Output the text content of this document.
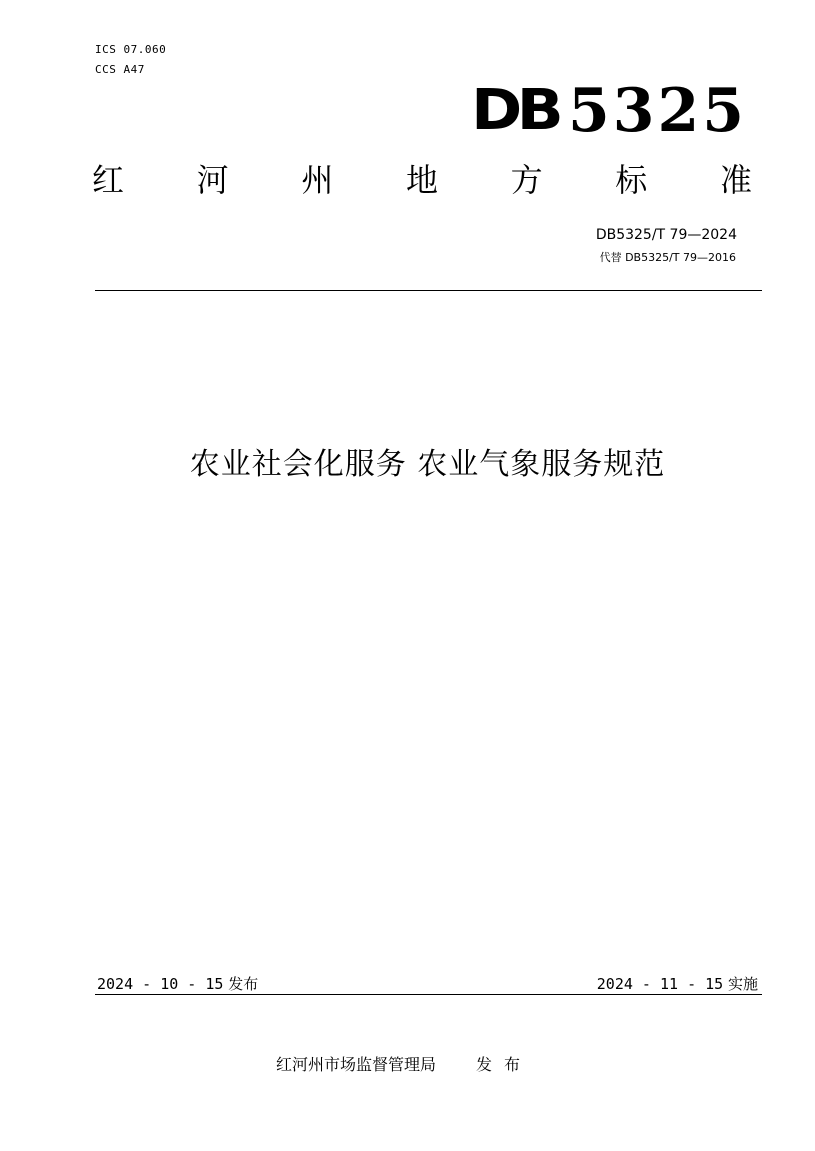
ICS 07.060
CCS A47
DB 5325
红 河 州 地 方 标 准
DB5325/T 79—2024
代替 DB5325/T 79—2016
农业社会化服务 农业气象服务规范
2024 - 10 - 15 发布	2024 - 11 - 15 实施
红河州市场监督管理局	发布
